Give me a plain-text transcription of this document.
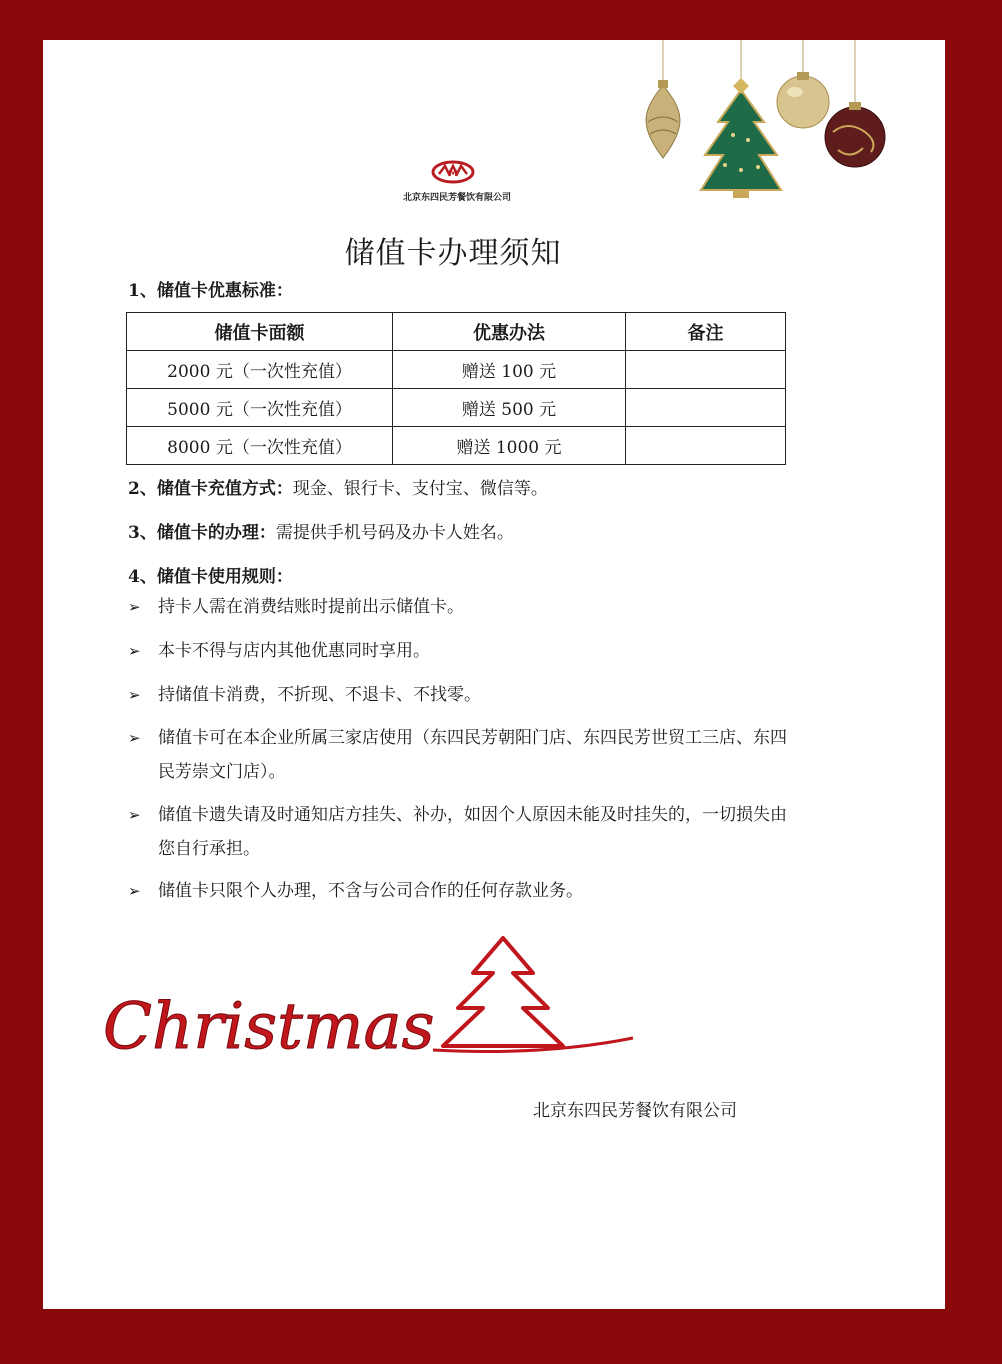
M
北京东四民芳餐饮有限公司
储值卡办理须知
1、储值卡优惠标准：
储值卡面额	优惠办法	备注
2000 元（一次性充值）	赠送 100 元	
5000 元（一次性充值）	赠送 500 元	
8000 元（一次性充值）	赠送 1000 元	
2、储值卡充值方式：现金、银行卡、支付宝、微信等。
3、储值卡的办理：需提供手机号码及办卡人姓名。
4、储值卡使用规则：
➢ 持卡人需在消费结账时提前出示储值卡。
➢ 本卡不得与店内其他优惠同时享用。
➢ 持储值卡消费，不折现、不退卡、不找零。
➢ 储值卡可在本企业所属三家店使用（东四民芳朝阳门店、东四民芳世贸工三店、东四民芳崇文门店）。
➢ 储值卡遗失请及时通知店方挂失、补办，如因个人原因未能及时挂失的，一切损失由您自行承担。
➢ 储值卡只限个人办理，不含与公司合作的任何存款业务。
Christmas
北京东四民芳餐饮有限公司
